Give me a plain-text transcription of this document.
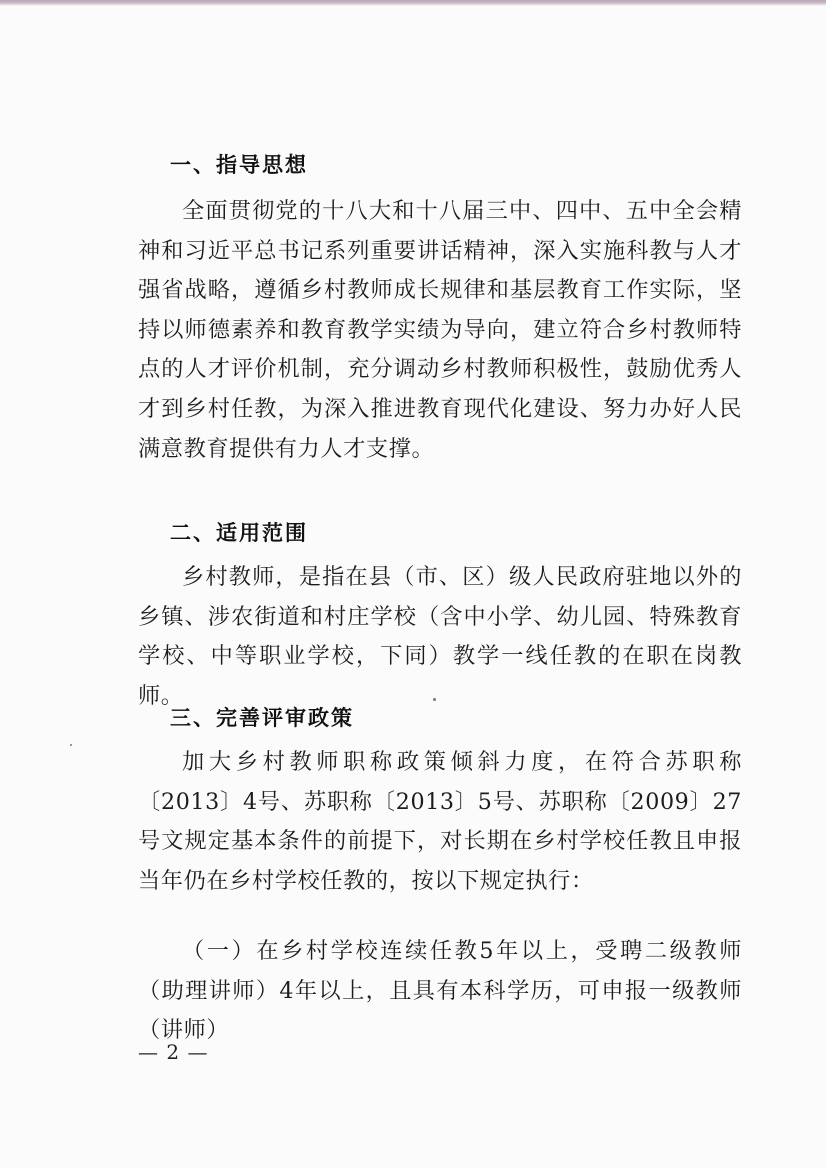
一、指导思想
全面贯彻党的十八大和十八届三中、四中、五中全会精神和习近平总书记系列重要讲话精神，深入实施科教与人才强省战略，遵循乡村教师成长规律和基层教育工作实际，坚持以师德素养和教育教学实绩为导向，建立符合乡村教师特点的人才评价机制，充分调动乡村教师积极性，鼓励优秀人才到乡村任教，为深入推进教育现代化建设、努力办好人民满意教育提供有力人才支撑。
二、适用范围
乡村教师，是指在县（市、区）级人民政府驻地以外的乡镇、涉农街道和村庄学校（含中小学、幼儿园、特殊教育学校、中等职业学校，下同）教学一线任教的在职在岗教师。
三、完善评审政策
加大乡村教师职称政策倾斜力度，在符合苏职称〔2013〕4号、苏职称〔2013〕5号、苏职称〔2009〕27号文规定基本条件的前提下，对长期在乡村学校任教且申报当年仍在乡村学校任教的，按以下规定执行：
（一）在乡村学校连续任教5年以上，受聘二级教师（助理讲师）4年以上，且具有本科学历，可申报一级教师（讲师）
— 2 —
